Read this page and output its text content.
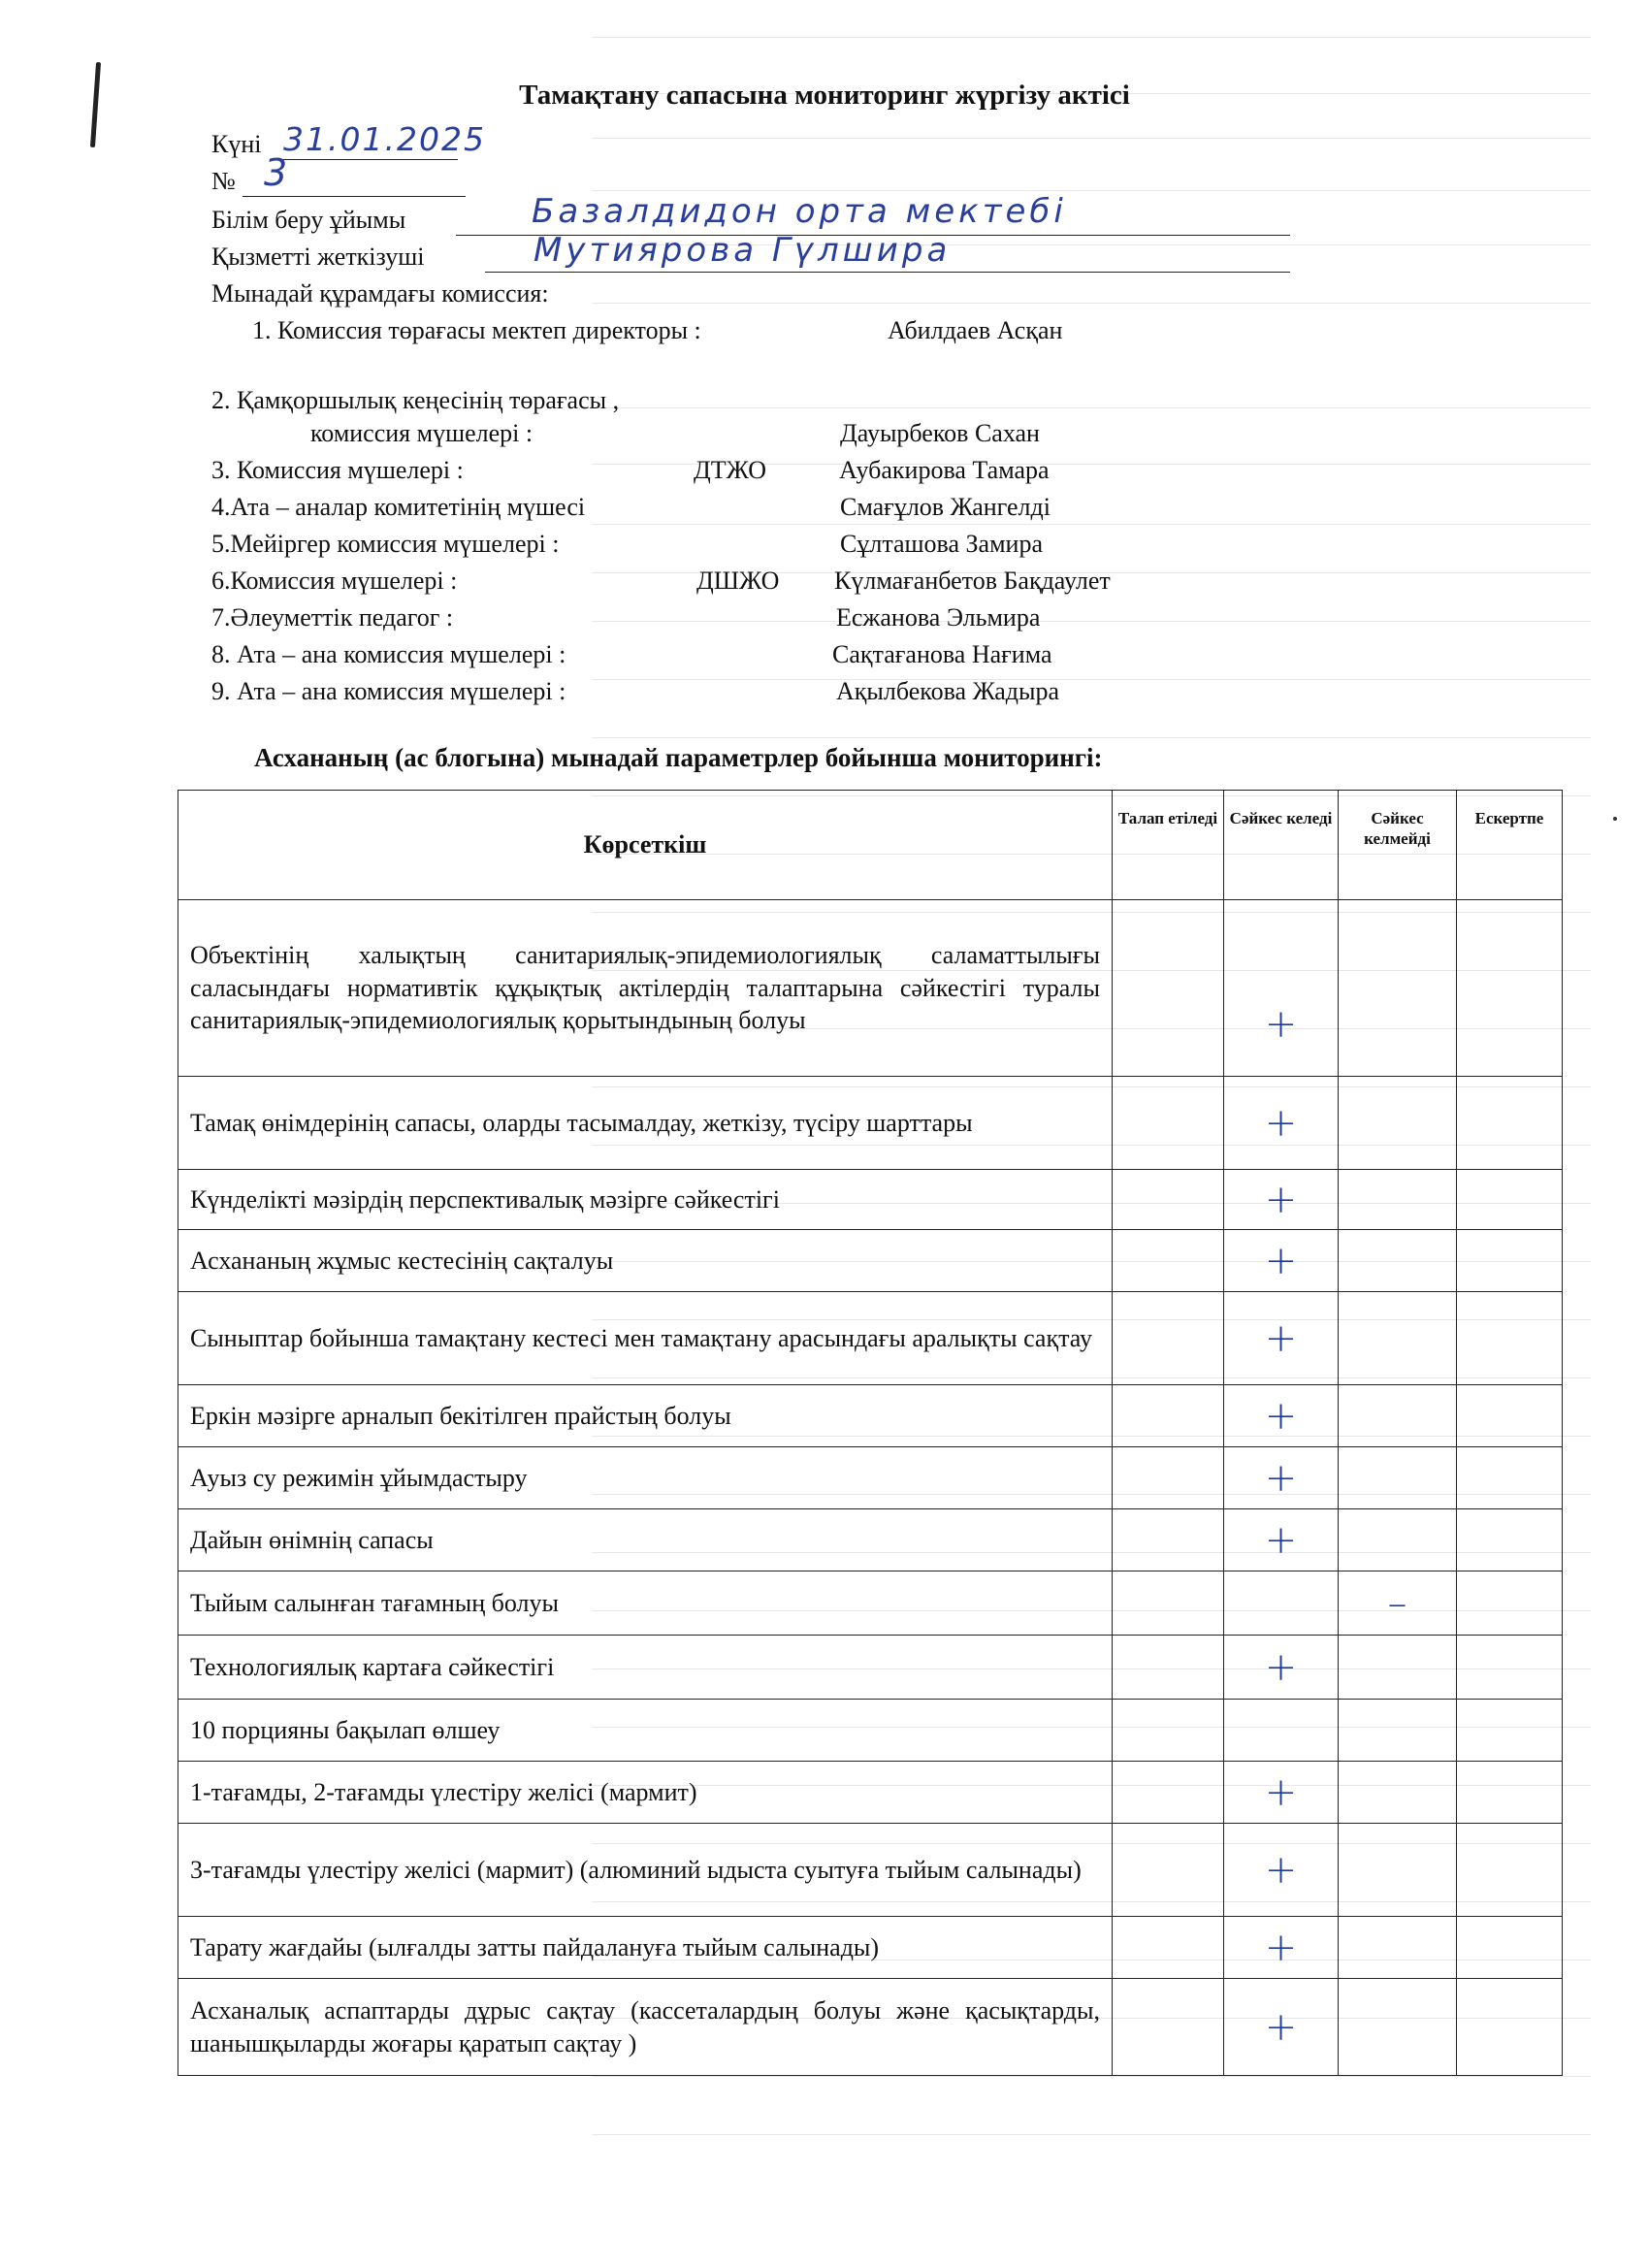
Тамақтану сапасына мониторинг жүргізу актісі
Күні 31.01.2025
№ 3
Білім беру ұйымы	Базалдидон орта мектебі
Қызметті жеткізуші	Мутиярова Гүлшира
Мынадай құрамдағы комиссия:
1. Комиссия төрағасы мектеп директоры :	Абилдаев Асқан
2. Қамқоршылық кеңесінің төрағасы ,
комиссия мүшелері :	Дауырбеков Сахан
3. Комиссия мүшелері :	ДТЖО	Аубакирова Тамара
4.Ата – аналар комитетінің мүшесі	Смағұлов Жангелді
5.Мейіргер комиссия мүшелері :	Сұлташова Замира
6.Комиссия мүшелері :	ДШЖО Күлмағанбетов Бақдаулет
7.Әлеуметтік педагог :	Есжанова Эльмира
8. Ата – ана комиссия мүшелері :	Сақтағанова Нағима
9. Ата – ана комиссия мүшелері :	Ақылбекова Жадыра
Асхананың (ас блогына) мынадай параметрлер бойынша мониторингі:
Көрсеткіш	Талап етіледі	Сәйкес келеді	Сәйкес келмейді	Ескертпе
Объектінің халықтың санитариялық-эпидемиологиялық саламаттылығы саласындағы нормативтік құқықтық актілердің талаптарына сәйкестігі туралы санитариялық-эпидемиологиялық қорытындының болуы		+		
Тамақ өнімдерінің сапасы, оларды тасымалдау, жеткізу, түсіру шарттары		+		
Күнделікті мәзірдің перспективалық мәзірге сәйкестігі		+		
Асхананың жұмыс кестесінің сақталуы		+		
Сыныптар бойынша тамақтану кестесі мен тамақтану арасындағы аралықты сақтау		+		
Еркін мәзірге арналып бекітілген прайстың болуы		+		
Ауыз су режимін ұйымдастыру		+		
Дайын өнімнің сапасы		+		
Тыйым салынған тағамның болуы			–	
Технологиялық картаға сәйкестігі		+		
10 порцияны бақылап өлшеу				
1-тағамды, 2-тағамды үлестіру желісі (мармит)		+		
3-тағамды үлестіру желісі (мармит) (алюминий ыдыста суытуға тыйым салынады)		+		
Тарату жағдайы (ылғалды затты пайдалануға тыйым салынады)		+		
Асханалық аспаптарды дұрыс сақтау (кассеталардың болуы және қасықтарды, шанышқыларды жоғары қаратып сақтау )		+		
